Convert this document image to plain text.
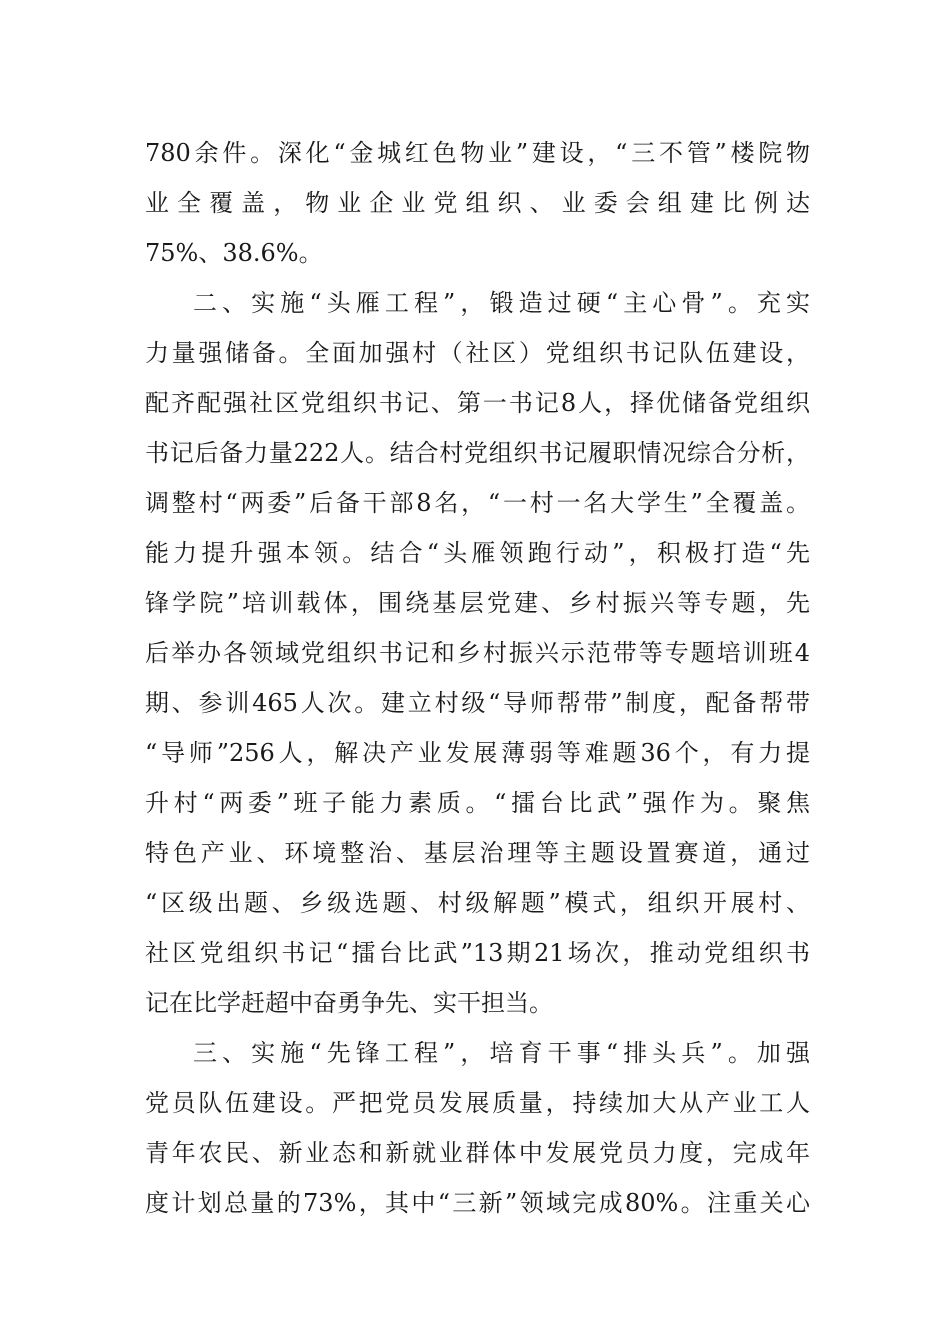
780余件。深化“金城红色物业”建设，“三不管”楼院物
业全覆盖，物业企业党组织、业委会组建比例达
75%、38.6%。
二、实施“头雁工程”，锻造过硬“主心骨”。充实
力量强储备。全面加强村（社区）党组织书记队伍建设，
配齐配强社区党组织书记、第一书记8人，择优储备党组织
书记后备力量222人。结合村党组织书记履职情况综合分析，
调整村“两委”后备干部8名，“一村一名大学生”全覆盖。
能力提升强本领。结合“头雁领跑行动”，积极打造“先
锋学院”培训载体，围绕基层党建、乡村振兴等专题，先
后举办各领域党组织书记和乡村振兴示范带等专题培训班4
期、参训465人次。建立村级“导师帮带”制度，配备帮带
“导师”256人，解决产业发展薄弱等难题36个，有力提
升村“两委”班子能力素质。“擂台比武”强作为。聚焦
特色产业、环境整治、基层治理等主题设置赛道，通过
“区级出题、乡级选题、村级解题”模式，组织开展村、
社区党组织书记“擂台比武”13期21场次，推动党组织书
记在比学赶超中奋勇争先、实干担当。
三、实施“先锋工程”，培育干事“排头兵”。加强
党员队伍建设。严把党员发展质量，持续加大从产业工人
青年农民、新业态和新就业群体中发展党员力度，完成年
度计划总量的73%，其中“三新”领域完成80%。注重关心
